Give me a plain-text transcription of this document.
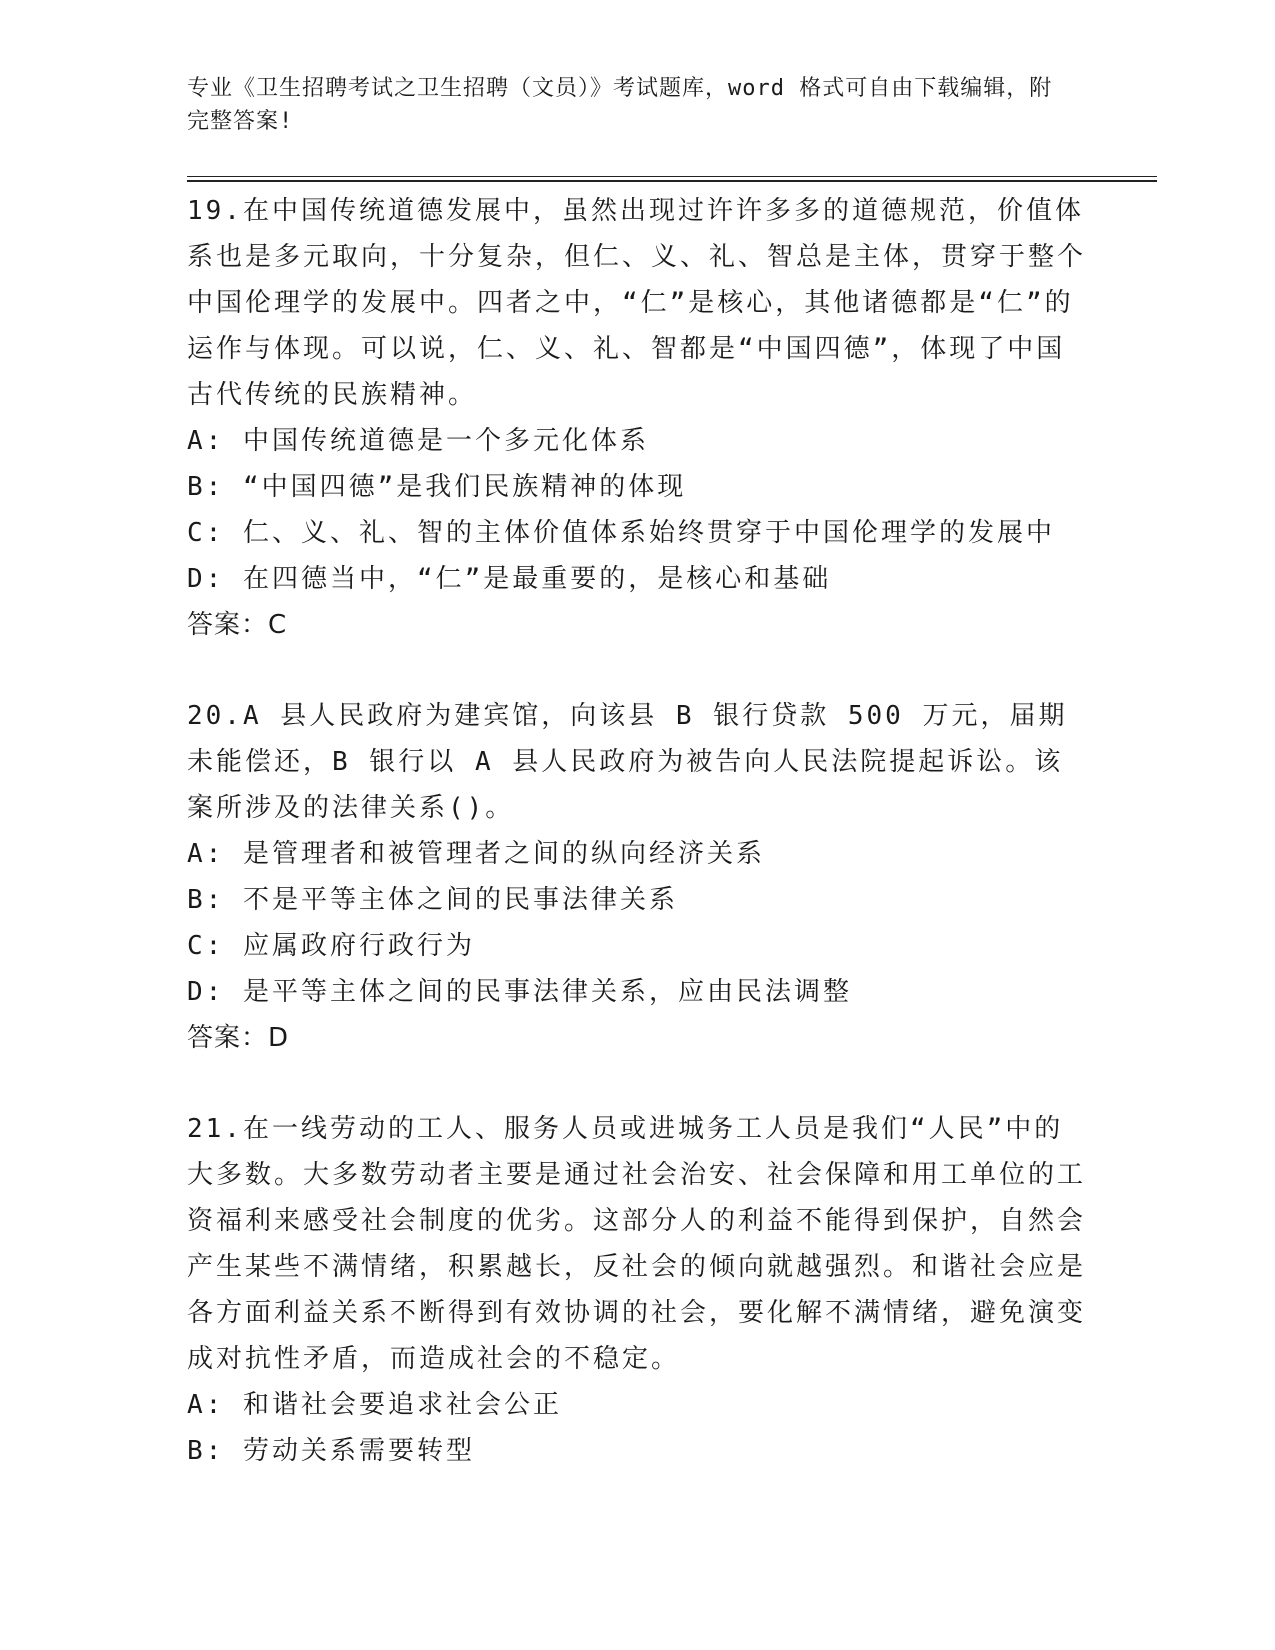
专业《卫生招聘考试之卫生招聘（文员）》考试题库，word 格式可自由下载编辑，附完整答案!

19.在中国传统道德发展中，虽然出现过许许多多的道德规范，价值体系也是多元取向，十分复杂，但仁、义、礼、智总是主体，贯穿于整个中国伦理学的发展中。四者之中，“仁”是核心，其他诸德都是“仁”的运作与体现。可以说，仁、义、礼、智都是“中国四德”，体现了中国古代传统的民族精神。

A: 中国传统道德是一个多元化体系

B: “中国四德”是我们民族精神的体现

C: 仁、义、礼、智的主体价值体系始终贯穿于中国伦理学的发展中

D: 在四德当中，“仁”是最重要的，是核心和基础

答案：C

20.A 县人民政府为建宾馆，向该县 B 银行贷款 500 万元，届期未能偿还，B 银行以 A 县人民政府为被告向人民法院提起诉讼。该案所涉及的法律关系()。

A: 是管理者和被管理者之间的纵向经济关系

B: 不是平等主体之间的民事法律关系

C: 应属政府行政行为

D: 是平等主体之间的民事法律关系，应由民法调整

答案：D

21.在一线劳动的工人、服务人员或进城务工人员是我们“人民”中的大多数。大多数劳动者主要是通过社会治安、社会保障和用工单位的工资福利来感受社会制度的优劣。这部分人的利益不能得到保护，自然会产生某些不满情绪，积累越长，反社会的倾向就越强烈。和谐社会应是各方面利益关系不断得到有效协调的社会，要化解不满情绪，避免演变成对抗性矛盾，而造成社会的不稳定。

A: 和谐社会要追求社会公正

B: 劳动关系需要转型
